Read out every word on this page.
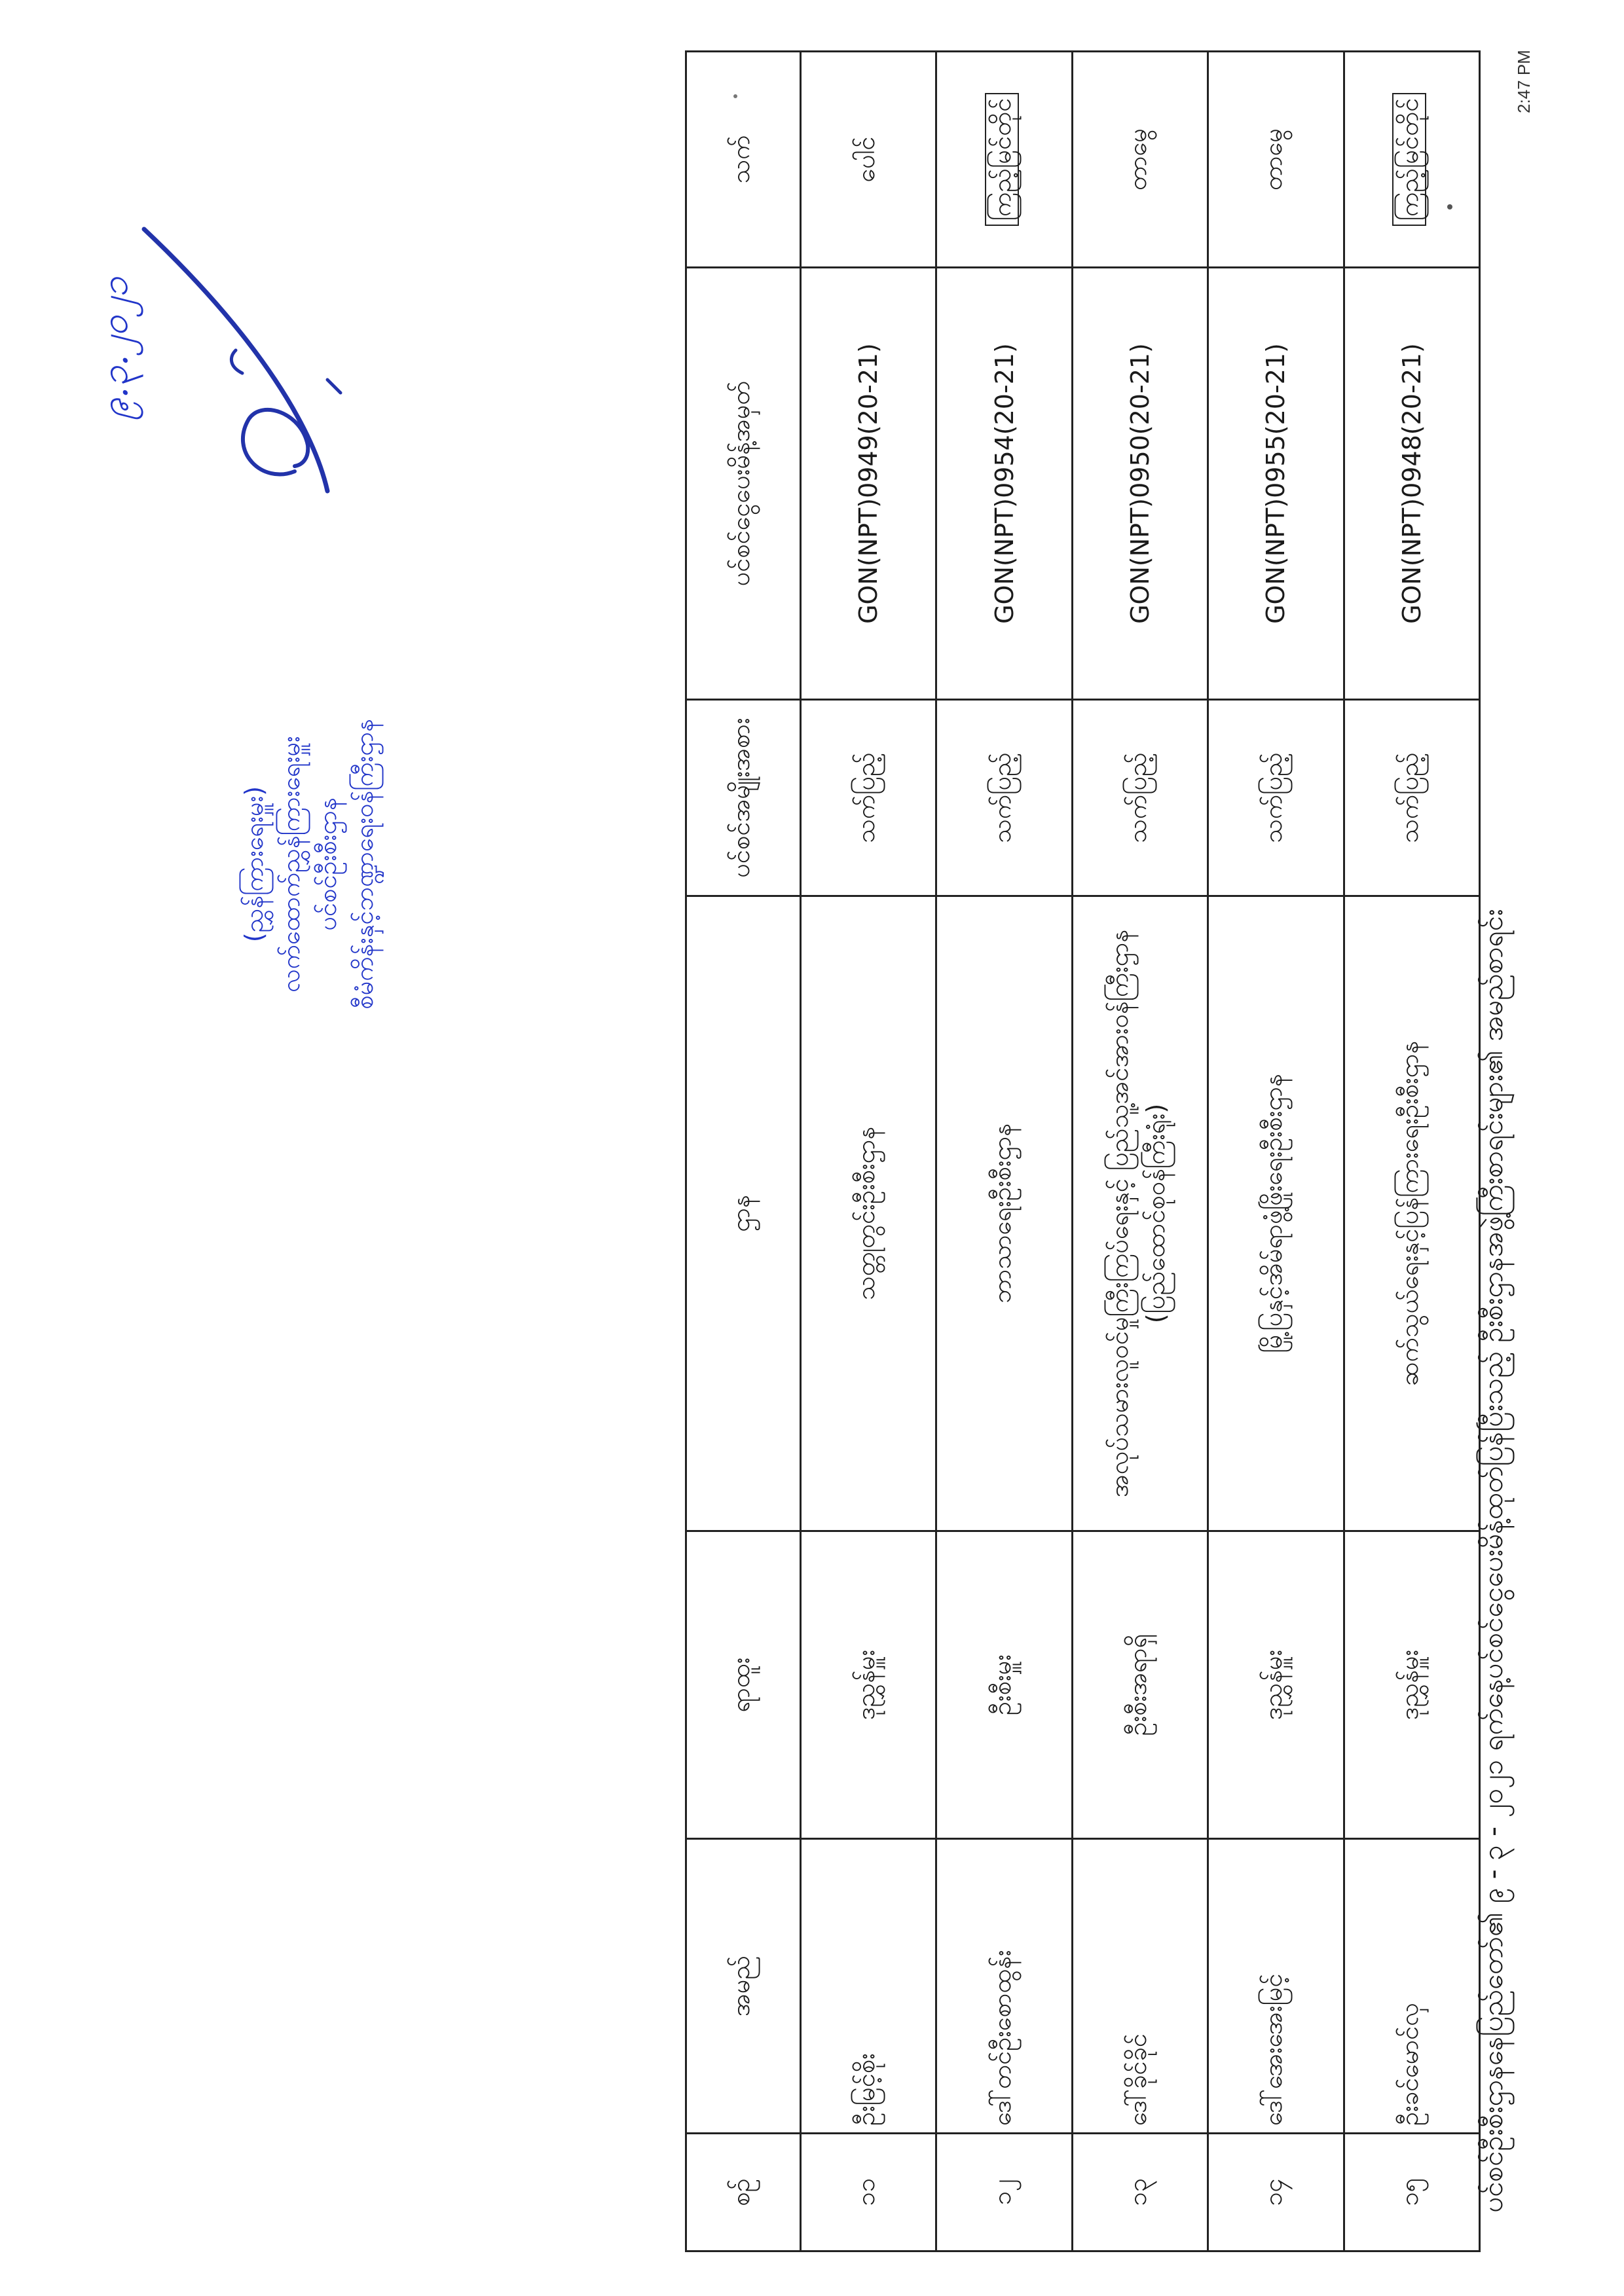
2:47 PM
ပင်စင်ဦးစီးဌာနနေပြည်တော်၏ ၉ - ၃ - ၂၀၂၁ ရက်နေ့ပင်စင်ငွေပေးမိန့်ထုတ်ပြန်ပြီးသည့် ဦးစီးဌာနအဖွဲ့ကြီးစာရင်းများ၏ အမည်စာရင်း
စဉ်	အမည်	ရာထူး	ဌာန	ပင်စင်အမျိုးအစား	ပင်စင်ငွေပေးမိန့်အမှတ်	သက်
၁၁	ဦးမြင့်စိုး	ဒုညွှန်မှူး	သတ္တုတွင်းဦးစီးဌာန	သက်ပြည့်	GON(NPT)0949(20-21)	ပေါင်
၁၂	ဒေါ်တင်ဦးစောထွန်း	ဦးစီးမှူး	ဘာသာရေးဦးစီးဌာန	သက်ပြည့်	GON(NPT)0954(20-21)	ကြည့်မြင်တိုင်
၁၃	ဒေါ်ခိုင်ခိုင်	ဦးစီးအရာရှိ	အလုပ်သမားလူဝင်မှုကြီးကြပ်ရေးနှင့် ပြည်သူ့အင်အားဝန်ကြီးဌာန (ပြည်ထောင်စုဝန်ကြီးရုံး)	သက်ပြည့်	GON(NPT)0950(20-21)	တာမွေ
၁၄	ဒေါ်အေးအေးမြင့်	ဒုညွှန်မှူး	မြို့ပြနှင့်အိမ်ရာဖွံ့ဖြိုးရေးဦးစီးဌာန	သက်ပြည့်	GON(NPT)0955(20-21)	တာမွေ
၁၅	ဦးခင်မောင်လှ	ဒုညွှန်မှူး	ဆက်သွယ်ရေးနှင့်ပြန်ကြားရေးဦးစီးဌာန	သက်ပြည့်	GON(NPT)0948(20-21)	ကြည့်မြင်တိုင်
၉.၃.၂၀၂၁
(ညွှန်ကြားရေးမှူး) လက်ထောက်ညွှန်ကြားရေးမှူး ပင်စင်ဦးစီးဌာန စီမံကိန်းနှင့်ဘဏ္ဍာရေးဝန်ကြီးဌာန
